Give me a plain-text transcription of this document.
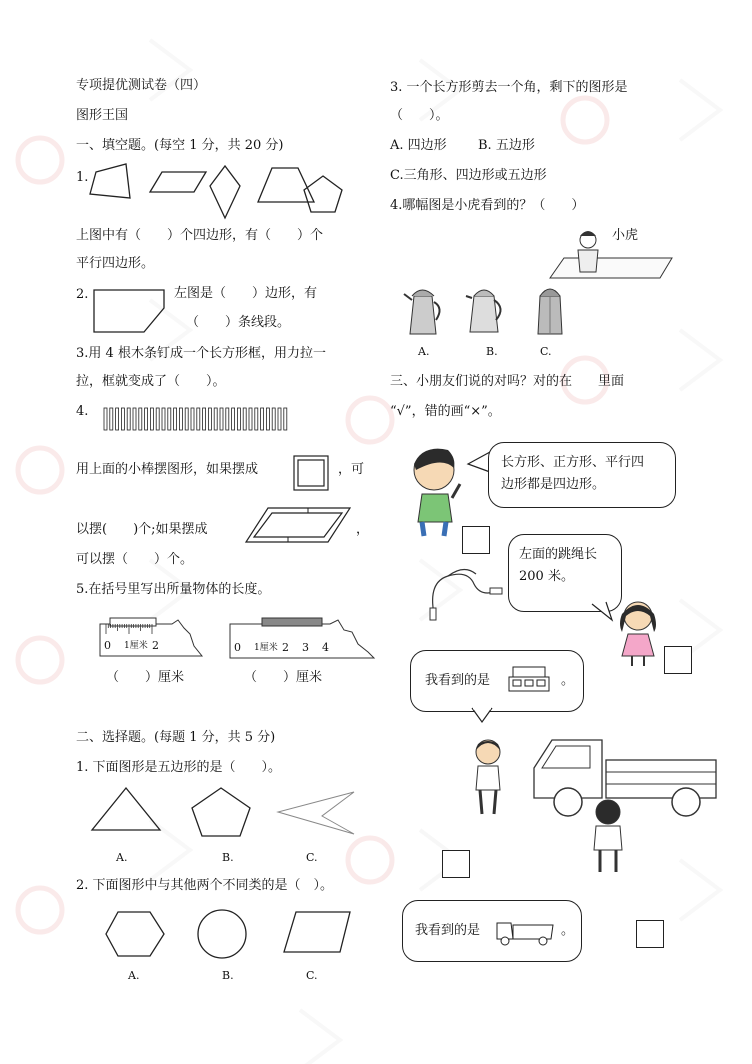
专项提优测试卷（四）
图形王国
一、填空题。(每空 1 分，共 20 分)
1.
上图中有（　　）个四边形，有（　　）个
平行四边形。
2.	左图是（　　）边形，有
（　　）条线段。
3.用 4 根木条钉成一个长方形框，用力拉一
拉，框就变成了（　　）。
4.
用上面的小棒摆图形，如果摆成	，可
以摆(　　)个;如果摆成	，
可以摆（　　）个。
5.在括号里写出所量物体的长度。
0 1厘米 2	0 1厘米 2 3 4
（　　）厘米	（　　）厘米
二、选择题。(每题 1 分，共 5 分)
1. 下面图形是五边形的是（　　）。
A.	B.	C.
2. 下面图形中与其他两个不同类的是（　）。
A.	B.	C.
3. 一个长方形剪去一个角，剩下的图形是
（　　）。
A. 四边形 B. 五边形
C.三角形、四边形或五边形
4.哪幅图是小虎看到的？（　　）
小虎
A.	B.	C.
三、小朋友们说的对吗？对的在　　里面
“√”，错的画“×”。
长方形、正方形、平行四
边形都是四边形。
左面的跳绳长
200 米。
我看到的是	。
我看到的是	。
